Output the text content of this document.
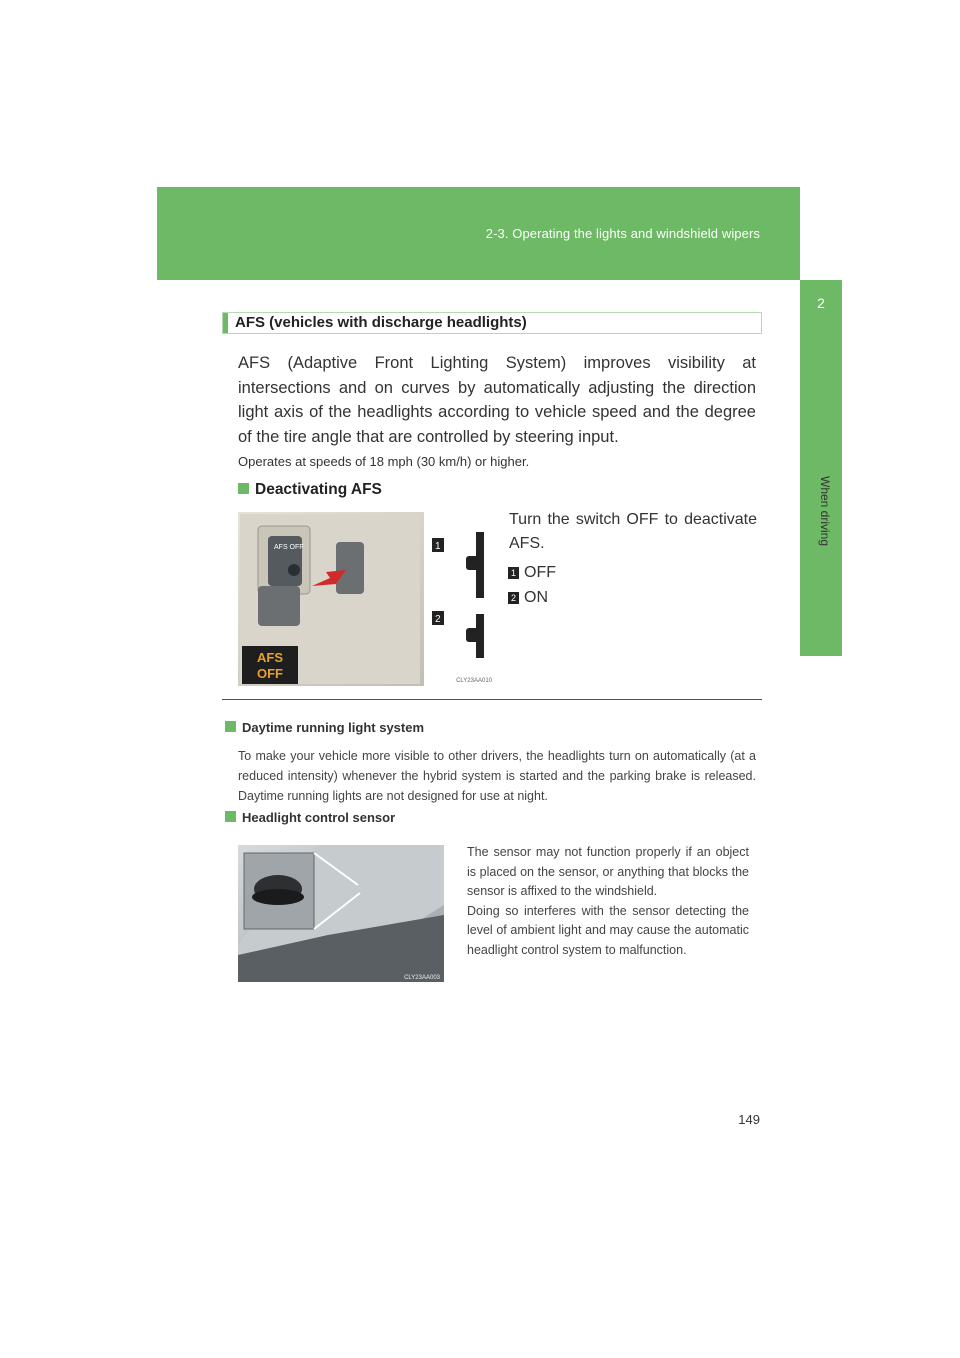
2-3. Operating the lights and windshield wipers
2
When driving
AFS (vehicles with discharge headlights)
AFS (Adaptive Front Lighting System) improves visibility at intersections and on curves by automatically adjusting the direction light axis of the headlights according to vehicle speed and the degree of the tire angle that are controlled by steering input.
Operates at speeds of 18 mph (30 km/h) or higher.
Deactivating AFS
AFS OFF	1
2
AFS
OFF	CLY23AA010
Turn the switch OFF to deactivate AFS.
1 OFF
2 ON
Daytime running light system
To make your vehicle more visible to other drivers, the headlights turn on automatically (at a reduced intensity) whenever the hybrid system is started and the parking brake is released. Daytime running lights are not designed for use at night.
Headlight control sensor
CLY23AA003
The sensor may not function properly if an object is placed on the sensor, or anything that blocks the sensor is affixed to the windshield.
Doing so interferes with the sensor detecting the level of ambient light and may cause the automatic headlight control system to malfunction.
149
